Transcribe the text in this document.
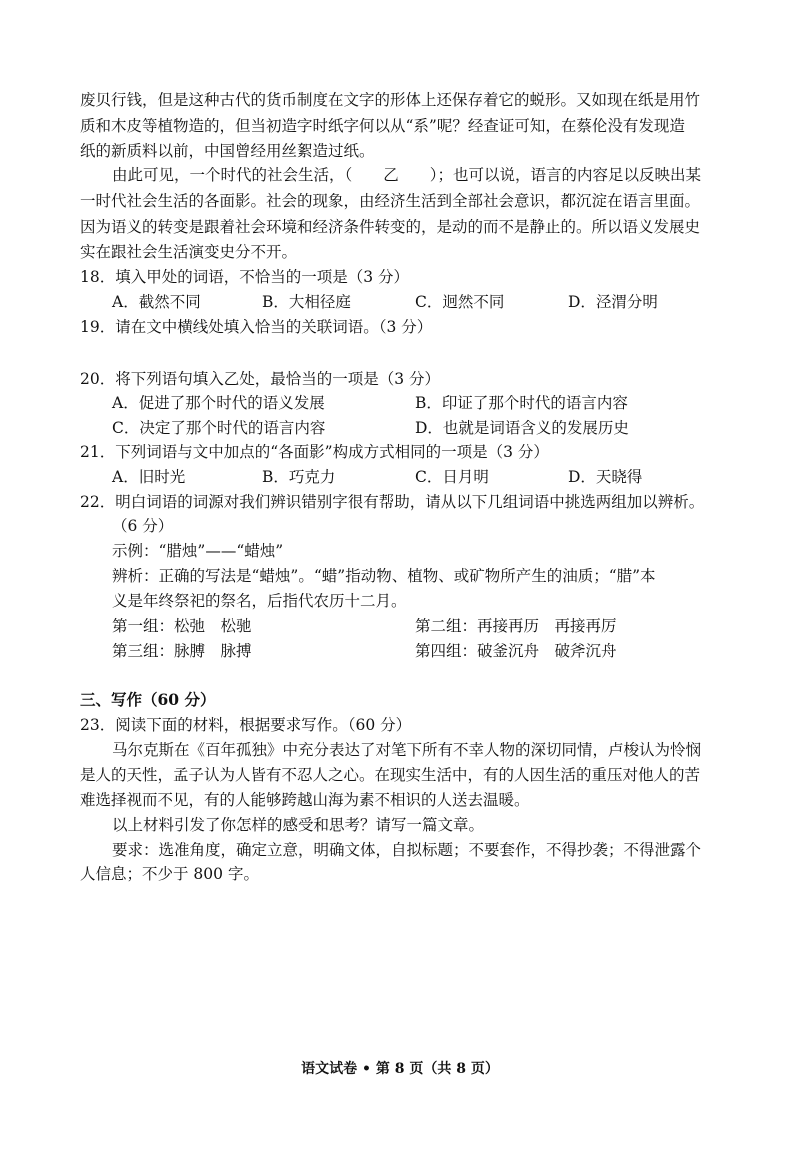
废贝行钱，但是这种古代的货币制度在文字的形体上还保存着它的蜕形。又如现在纸是用竹
质和木皮等植物造的，但当初造字时纸字何以从“系”呢？经查证可知，在蔡伦没有发现造
纸的新质料以前，中国曾经用丝絮造过纸。
由此可见，一个时代的社会生活，（　　乙　　）；也可以说，语言的内容足以反映出某
一时代社会生活的各面影。社会的现象，由经济生活到全部社会意识，都沉淀在语言里面。
因为语义的转变是跟着社会环境和经济条件转变的，是动的而不是静止的。所以语义发展史
实在跟社会生活演变史分不开。
18．填入甲处的词语，不恰当的一项是（3 分）
A．截然不同	B．大相径庭	C．迥然不同	D．泾渭分明
19．请在文中横线处填入恰当的关联词语。（3 分）
20．将下列语句填入乙处，最恰当的一项是（3 分）
A．促进了那个时代的语义发展	B．印证了那个时代的语言内容
C．决定了那个时代的语言内容	D．也就是词语含义的发展历史
21．下列词语与文中加点的“各面影”构成方式相同的一项是（3 分）
A．旧时光	B．巧克力	C．日月明	D．天晓得
22．明白词语的词源对我们辨识错别字很有帮助，请从以下几组词语中挑选两组加以辨析。
（6 分）
示例：“腊烛”——“蜡烛”
辨析：正确的写法是“蜡烛”。“蜡”指动物、植物、或矿物所产生的油质；“腊”本
义是年终祭祀的祭名，后指代农历十二月。
第一组：松弛　松驰	第二组：再接再历　再接再厉
第三组：脉膊　脉搏	第四组：破釜沉舟　破斧沉舟
三、写作（60 分）
23．阅读下面的材料，根据要求写作。（60 分）
马尔克斯在《百年孤独》中充分表达了对笔下所有不幸人物的深切同情，卢梭认为怜悯
是人的天性，孟子认为人皆有不忍人之心。在现实生活中，有的人因生活的重压对他人的苦
难选择视而不见，有的人能够跨越山海为素不相识的人送去温暖。
以上材料引发了你怎样的感受和思考？请写一篇文章。
要求：选准角度，确定立意，明确文体，自拟标题；不要套作，不得抄袭；不得泄露个
人信息；不少于 800 字。
语文试卷 • 第 8 页（共 8 页）
